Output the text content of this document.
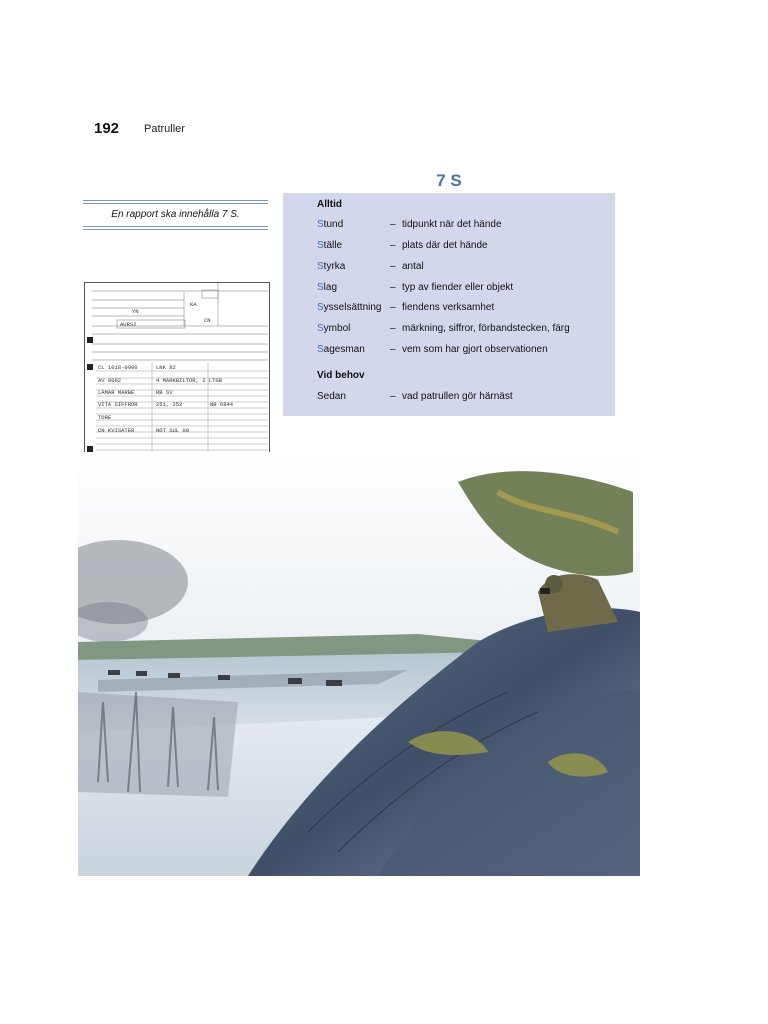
192 Patruller
En rapport ska innehålla 7 S.
7 S
Alltid
Stund	– tidpunkt när det hände
Ställe	– plats där det hände
Styrka	– antal
Slag	– typ av fiender eller objekt
Sysselsättning – fiendens verksamhet
Symbol	– märkning, siffror, förbandstecken, färg
Sagesman	– vem som har gjort observationen
Vid behov
Sedan	– vad patrullen gör härnäst
YN
AURS2
KA
CN
CL 1018-0900	LNK 82
AV 8092	4 MARKBILTOR, 2 LTGB
LÄMAR MARBE	RB SV
VITA SIFFROR	251, 252	NR 6844
TORE
CN KVISATER	NOT SUL 00
